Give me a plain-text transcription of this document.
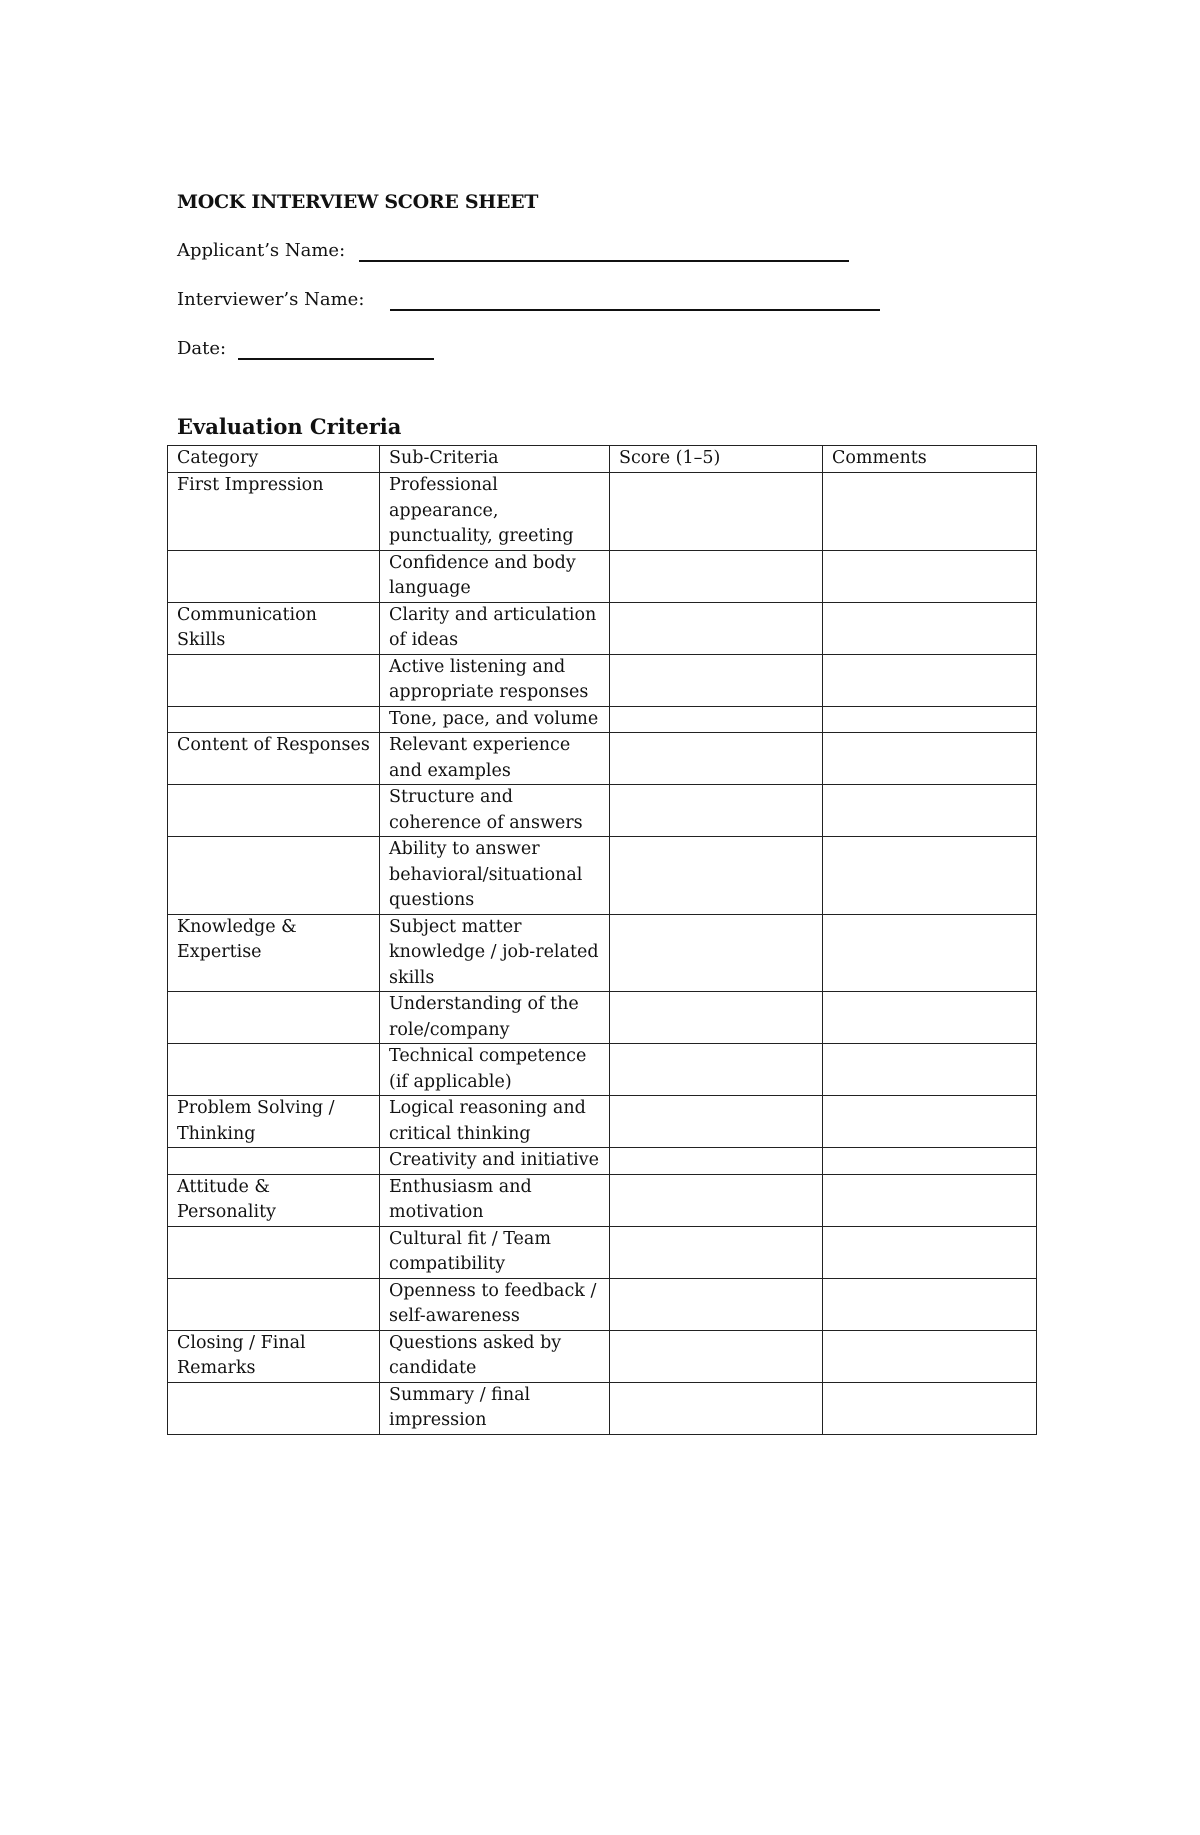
MOCK INTERVIEW SCORE SHEET
Applicant’s Name:
Interviewer’s Name:
Date:
Evaluation Criteria
Category	Sub-Criteria	Score (1–5)	Comments
First Impression	Professional appearance, punctuality, greeting		
	Confidence and body language		
Communication Skills	Clarity and articulation of ideas		
	Active listening and appropriate responses		
	Tone, pace, and volume		
Content of Responses	Relevant experience and examples		
	Structure and coherence of answers		
	Ability to answer behavioral/situational questions		
Knowledge & Expertise	Subject matter knowledge / job-related skills		
	Understanding of the role/company		
	Technical competence (if applicable)		
Problem Solving / Thinking	Logical reasoning and critical thinking		
	Creativity and initiative		
Attitude & Personality	Enthusiasm and motivation		
	Cultural fit / Team compatibility		
	Openness to feedback / self-awareness		
Closing / Final Remarks	Questions asked by candidate		
	Summary / final impression		
